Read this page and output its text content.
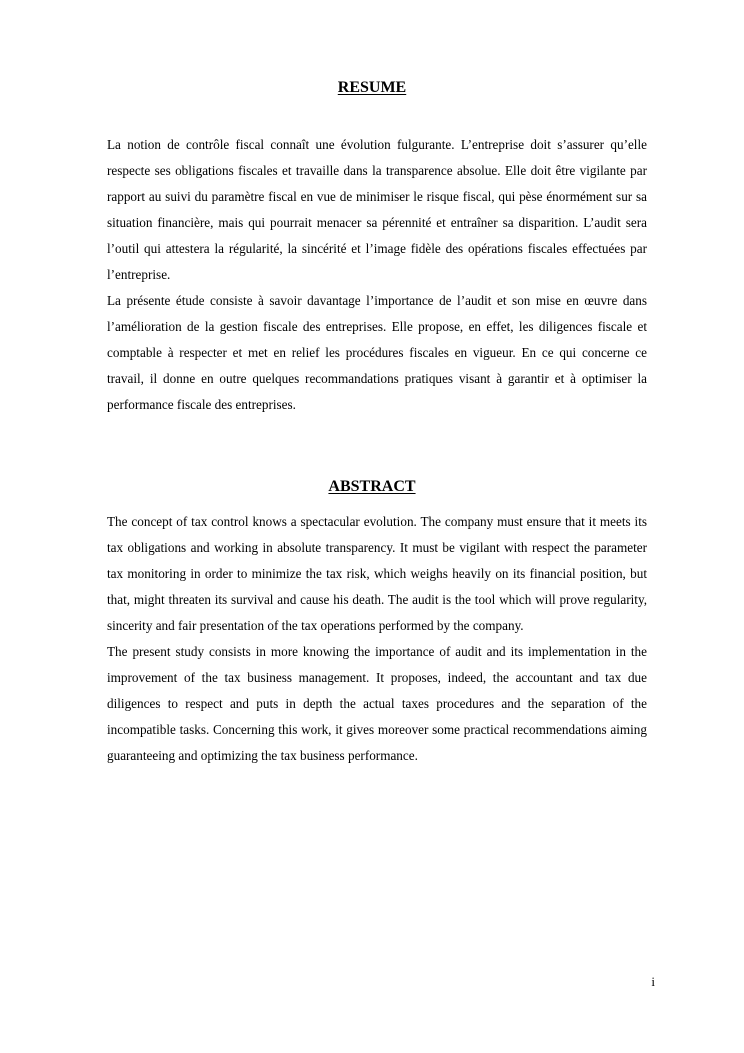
RESUME

La notion de contrôle fiscal connaît une évolution fulgurante. L’entreprise doit s’assurer qu’elle respecte ses obligations fiscales et travaille dans la transparence absolue. Elle doit être vigilante par rapport au suivi du paramètre fiscal en vue de minimiser le risque fiscal, qui pèse énormément sur sa situation financière, mais qui pourrait menacer sa pérennité et entraîner sa disparition. L’audit sera l’outil qui attestera la régularité, la sincérité et l’image fidèle des opérations fiscales effectuées par l’entreprise.

La présente étude consiste à savoir davantage l’importance de l’audit et son mise en œuvre dans l’amélioration de la gestion fiscale des entreprises. Elle propose, en effet, les diligences fiscale et comptable à respecter et met en relief les procédures fiscales en vigueur. En ce qui concerne ce travail, il donne en outre quelques recommandations pratiques visant à garantir et à optimiser la performance fiscale des entreprises.

ABSTRACT

The concept of tax control knows a spectacular evolution. The company must ensure that it meets its tax obligations and working in absolute transparency. It must be vigilant with respect the parameter tax monitoring in order to minimize the tax risk, which weighs heavily on its financial position, but that, might threaten its survival and cause his death. The audit is the tool which will prove regularity, sincerity and fair presentation of the tax operations performed by the company.

The present study consists in more knowing the importance of audit and its implementation in the improvement of the tax business management. It proposes, indeed, the accountant and tax due diligences to respect and puts in depth the actual taxes procedures and the separation of the incompatible tasks. Concerning this work, it gives moreover some practical recommendations aiming guaranteeing and optimizing the tax business performance.

i
